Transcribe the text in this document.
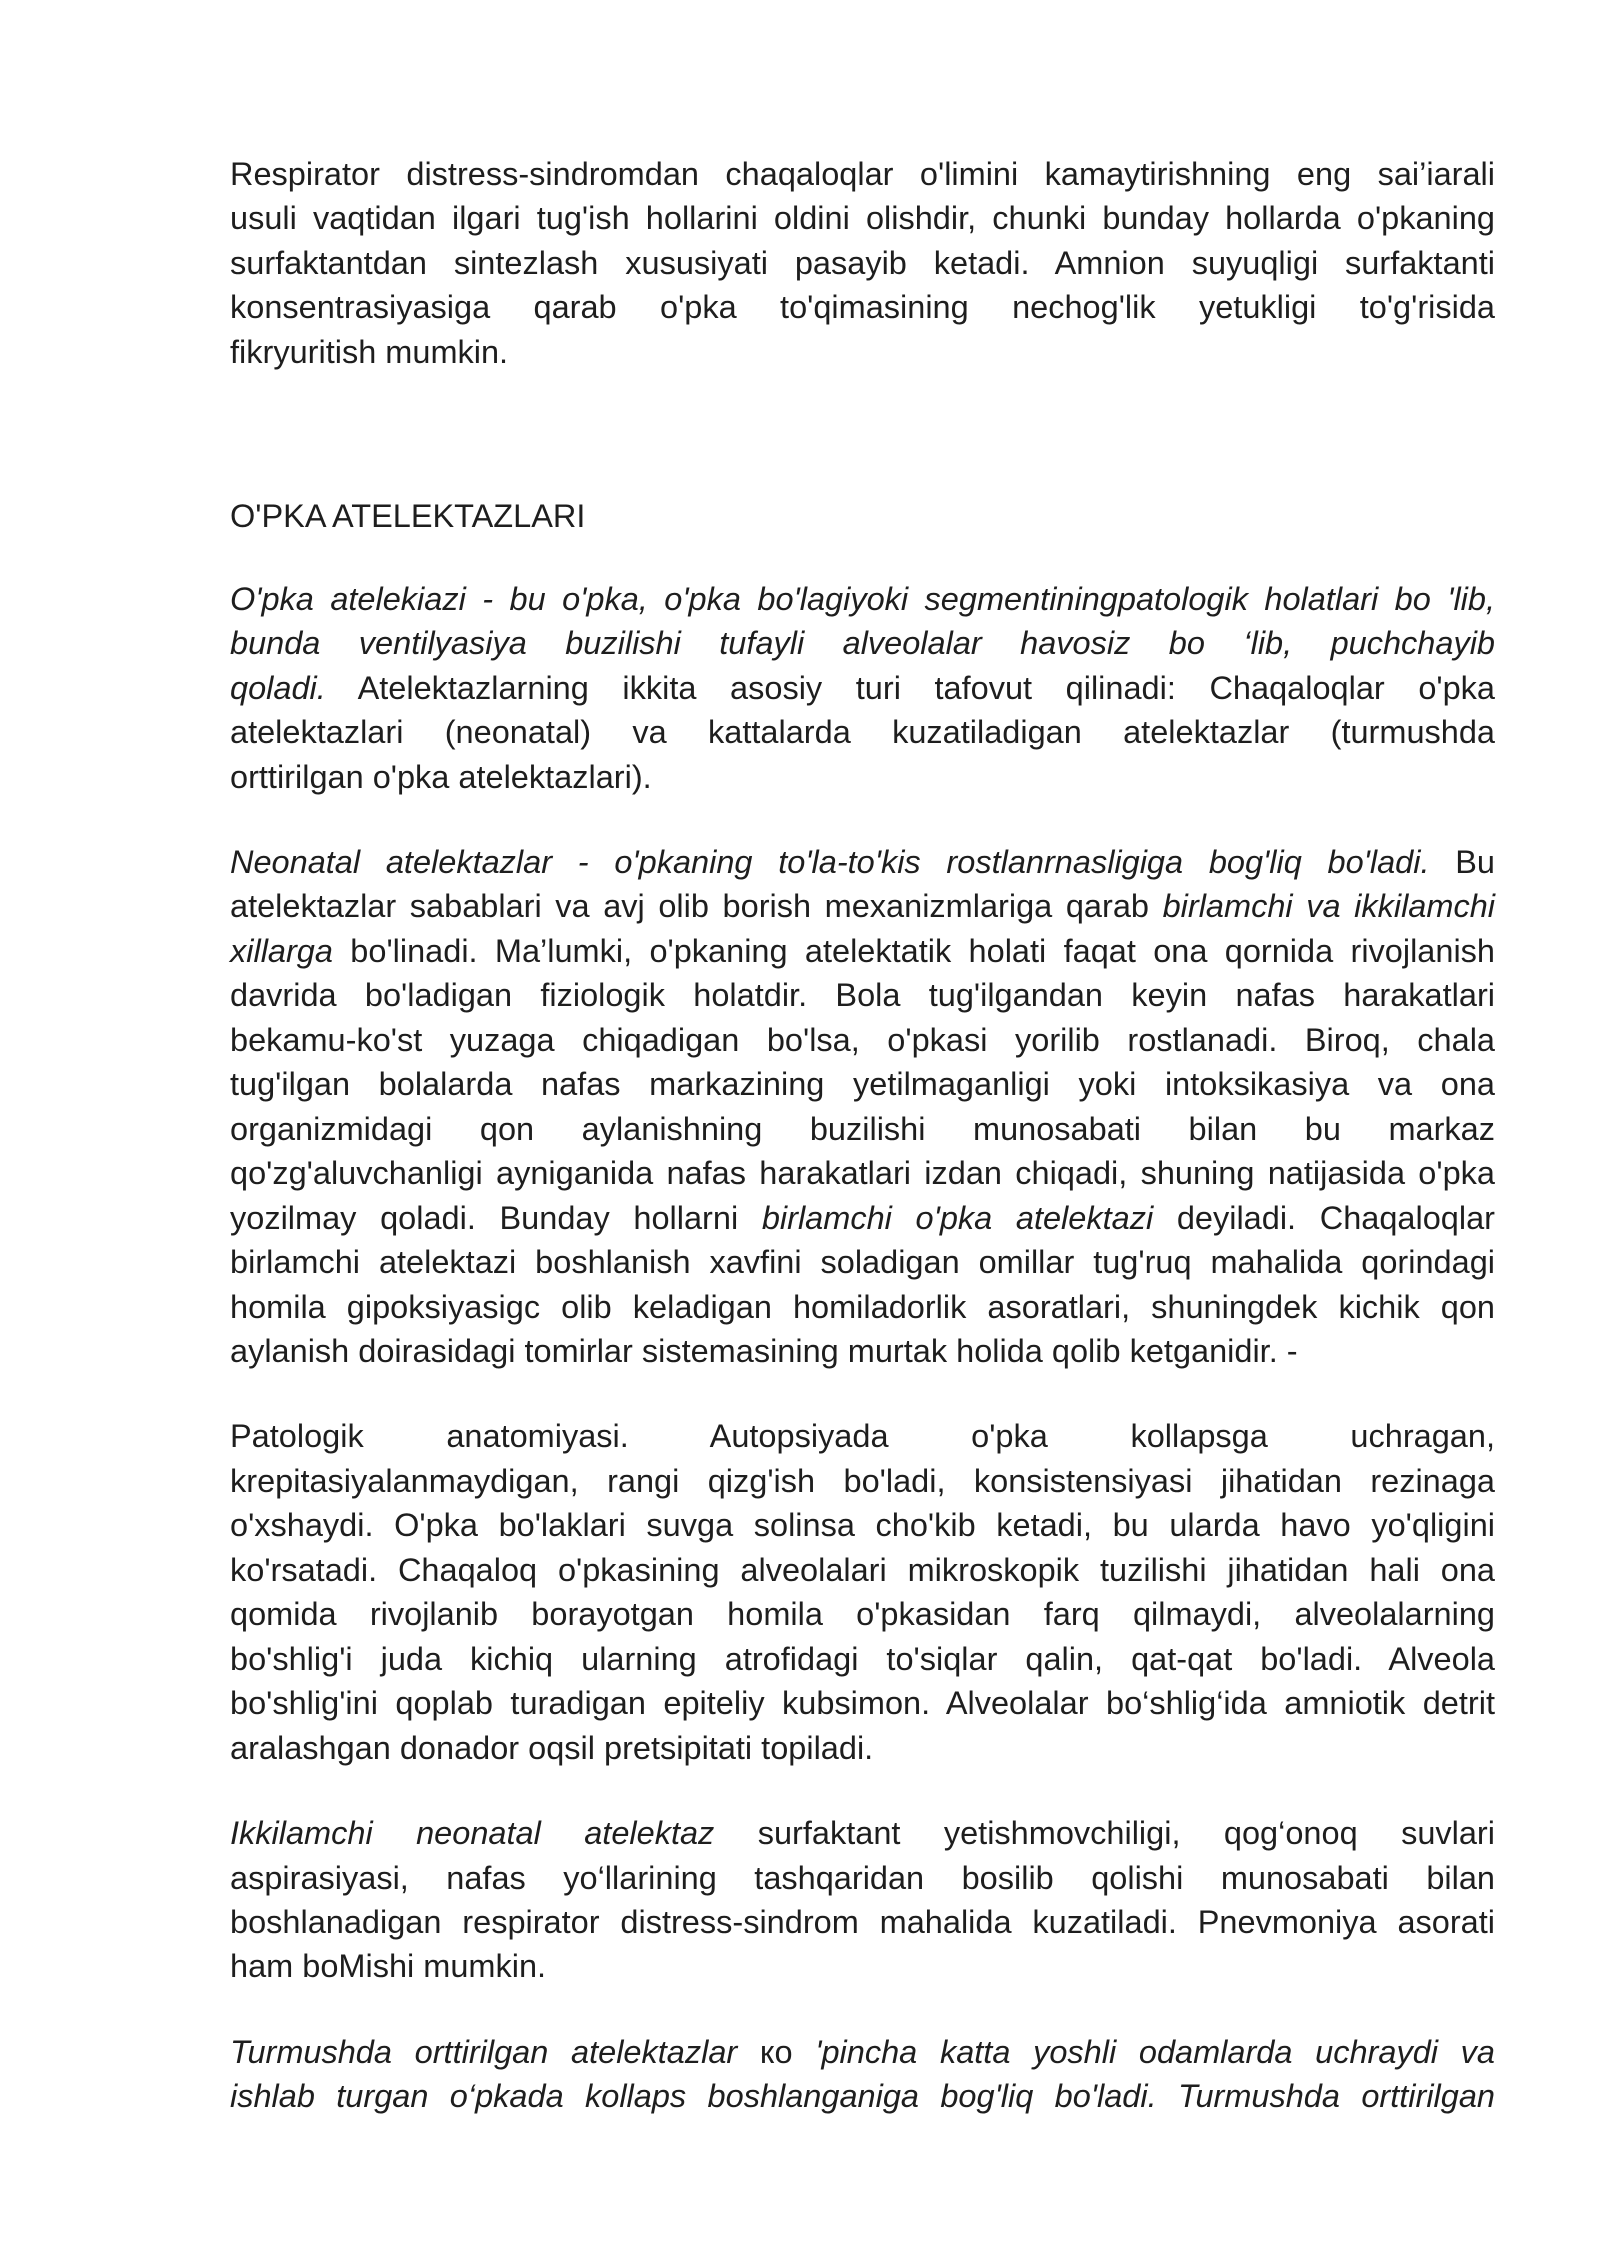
Respirator distress-sindromdan chaqaloqlar o'limini kamaytirishning eng sai’iarali
usuli vaqtidan ilgari tug'ish hollarini oldini olishdir, chunki bunday hollarda o'pkaning
surfaktantdan sintezlash xususiyati pasayib ketadi. Amnion suyuqligi surfaktanti
konsentrasiyasiga qarab o'pka to'qimasining nechog'lik yetukligi to'g'risida
fikryuritish mumkin.

O'PKA ATELEKTAZLARI

O'pka atelekiazi - bu o'pka, o'pka bo'lagiyoki segmentiningpatologik holatlari bo 'lib,
bunda ventilyasiya buzilishi tufayli alveolalar havosiz bo ‘lib, puchchayib
qoladi. Atelektazlarning ikkita asosiy turi tafovut qilinadi: Chaqaloqlar o'pka
atelektazlari (neonatal) va kattalarda kuzatiladigan atelektazlar (turmushda
orttirilgan o'pka atelektazlari).

Neonatal atelektazlar - o'pkaning to'la-to'kis rostlanrnasligiga bog'liq bo'ladi. Bu
atelektazlar sabablari va avj olib borish mexanizmlariga qarab birlamchi va ikkilamchi
xillarga bo'linadi. Ma’lumki, o'pkaning atelektatik holati faqat ona qornida rivojlanish
davrida bo'ladigan fiziologik holatdir. Bola tug'ilgandan keyin nafas harakatlari
bekamu-ko'st yuzaga chiqadigan bo'lsa, o'pkasi yorilib rostlanadi. Biroq, chala
tug'ilgan bolalarda nafas markazining yetilmaganligi yoki intoksikasiya va ona
organizmidagi qon aylanishning buzilishi munosabati bilan bu markaz
qo'zg'aluvchanligi ayniganida nafas harakatlari izdan chiqadi, shuning natijasida o'pka
yozilmay qoladi. Bunday hollarni birlamchi o'pka atelektazi deyiladi. Chaqaloqlar
birlamchi atelektazi boshlanish xavfini soladigan omillar tug'ruq mahalida qorindagi
homila gipoksiyasigc olib keladigan homiladorlik asoratlari, shuningdek kichik qon
aylanish doirasidagi tomirlar sistemasining murtak holida qolib ketganidir. -

Patologik anatomiyasi. Autopsiyada o'pka kollapsga uchragan,
krepitasiyalanmaydigan, rangi qizg'ish bo'ladi, konsistensiyasi jihatidan rezinaga
o'xshaydi. O'pka bo'laklari suvga solinsa cho'kib ketadi, bu ularda havo yo'qligini
ko'rsatadi. Chaqaloq o'pkasining alveolalari mikroskopik tuzilishi jihatidan hali ona
qomida rivojlanib borayotgan homila o'pkasidan farq qilmaydi, alveolalarning
bo'shlig'i juda kichiq ularning atrofidagi to'siqlar qalin, qat-qat bo'ladi. Alveola
bo'shlig'ini qoplab turadigan epiteliy kubsimon. Alveolalar bo‘shlig‘ida amniotik detrit
aralashgan donador oqsil pretsipitati topiladi.

Ikkilamchi neonatal atelektaz surfaktant yetishmovchiligi, qog‘onoq suvlari
aspirasiyasi, nafas yo‘llarining tashqaridan bosilib qolishi munosabati bilan
boshlanadigan respirator distress-sindrom mahalida kuzatiladi. Pnevmoniya asorati
ham boMishi mumkin.

Turmushda orttirilgan atelektazlar ко 'pincha katta yoshli odamlarda uchraydi va
ishlab turgan o‘pkada kollaps boshlanganiga bog'liq bo'ladi. Turmushda orttirilgan
